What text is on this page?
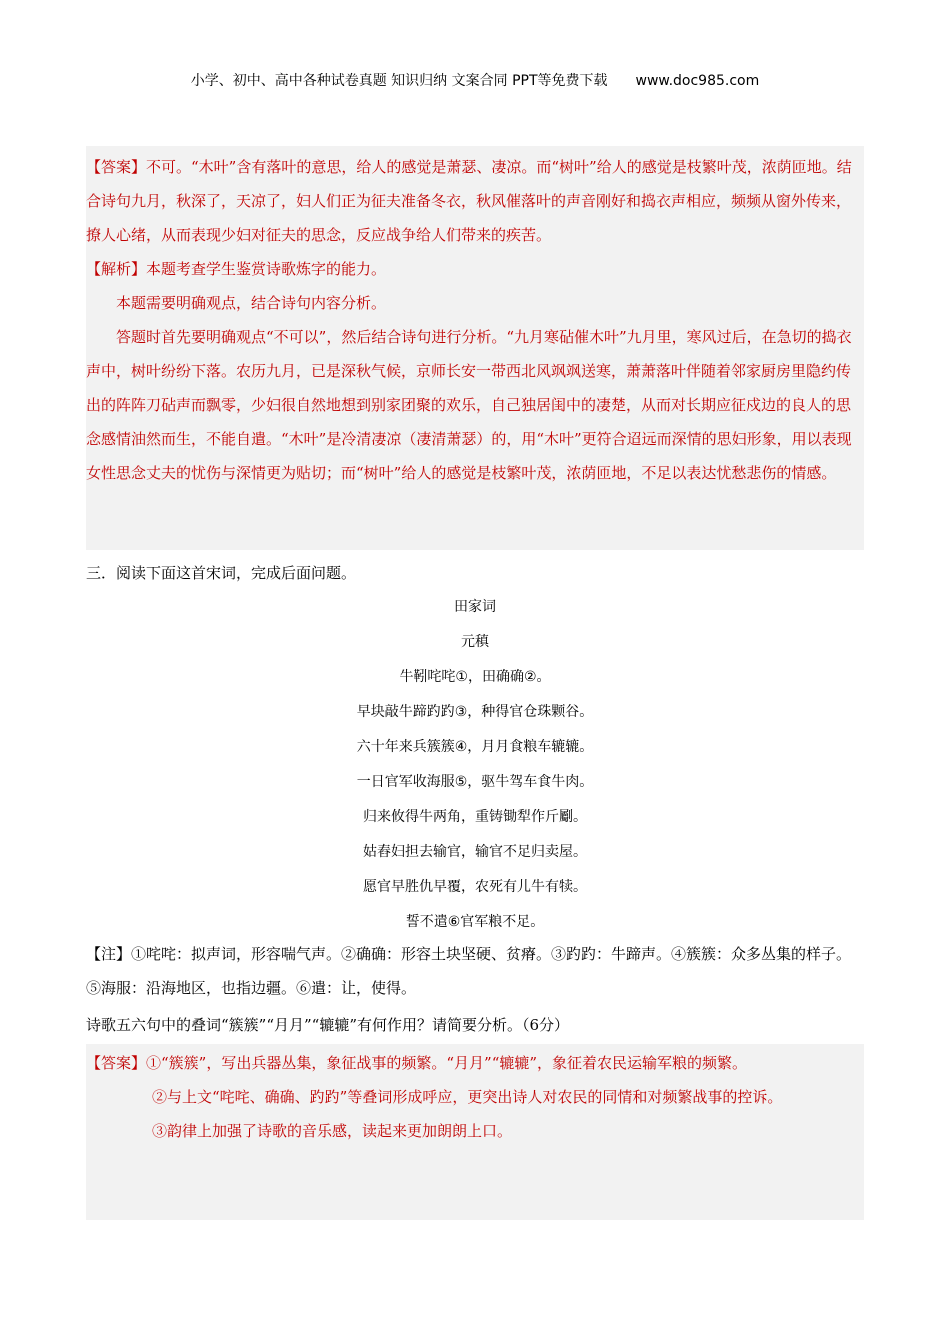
小学、初中、高中各种试卷真题 知识归纳 文案合同 PPT等免费下载 www.doc985.com

【答案】不可。“木叶”含有落叶的意思，给人的感觉是萧瑟、凄凉。而“树叶”给人的感觉是枝繁叶茂，浓荫匝地。结合诗句九月，秋深了，天凉了，妇人们正为征夫准备冬衣，秋风催落叶的声音刚好和捣衣声相应，频频从窗外传来，撩人心绪，从而表现少妇对征夫的思念，反应战争给人们带来的疾苦。

【解析】本题考查学生鉴赏诗歌炼字的能力。

本题需要明确观点，结合诗句内容分析。

答题时首先要明确观点“不可以”，然后结合诗句进行分析。“九月寒砧催木叶”九月里，寒风过后，在急切的捣衣声中，树叶纷纷下落。农历九月，已是深秋气候，京师长安一带西北风飒飒送寒，萧萧落叶伴随着邻家厨房里隐约传出的阵阵刀砧声而飘零，少妇很自然地想到别家团聚的欢乐，自己独居闺中的凄楚，从而对长期应征戍边的良人的思念感情油然而生，不能自遣。“木叶”是冷清凄凉（凄清萧瑟）的，用“木叶”更符合迢远而深情的思妇形象，用以表现女性思念丈夫的忧伤与深情更为贴切；而“树叶”给人的感觉是枝繁叶茂，浓荫匝地，不足以表达忧愁悲伤的情感。

三．阅读下面这首宋词，完成后面问题。

田家词
元稹
牛靷咤咤①，田确确②。
早块敲牛蹄趵趵③，种得官仓珠颗谷。
六十年来兵簇簇④，月月食粮车辘辘。
一日官军收海服⑤，驱牛驾车食牛肉。
归来攸得牛两角，重铸锄犁作斤劚。
姑舂妇担去输官，输官不足归卖屋。
愿官早胜仇早覆，农死有儿牛有犊。
誓不遣⑥官军粮不足。

【注】①咤咤：拟声词，形容喘气声。②确确：形容土块坚硬、贫瘠。③趵趵：牛蹄声。④簇簇：众多丛集的样子。⑤海服：沿海地区，也指边疆。⑥遣：让，使得。

诗歌五六句中的叠词“簇簇”“月月”“辘辘”有何作用？请简要分析。（6分）

【答案】①“簇簇”，写出兵器丛集，象征战事的频繁。“月月”“辘辘”，象征着农民运输军粮的频繁。

②与上文“咤咤、确确、趵趵”等叠词形成呼应，更突出诗人对农民的同情和对频繁战事的控诉。

③韵律上加强了诗歌的音乐感，读起来更加朗朗上口。
